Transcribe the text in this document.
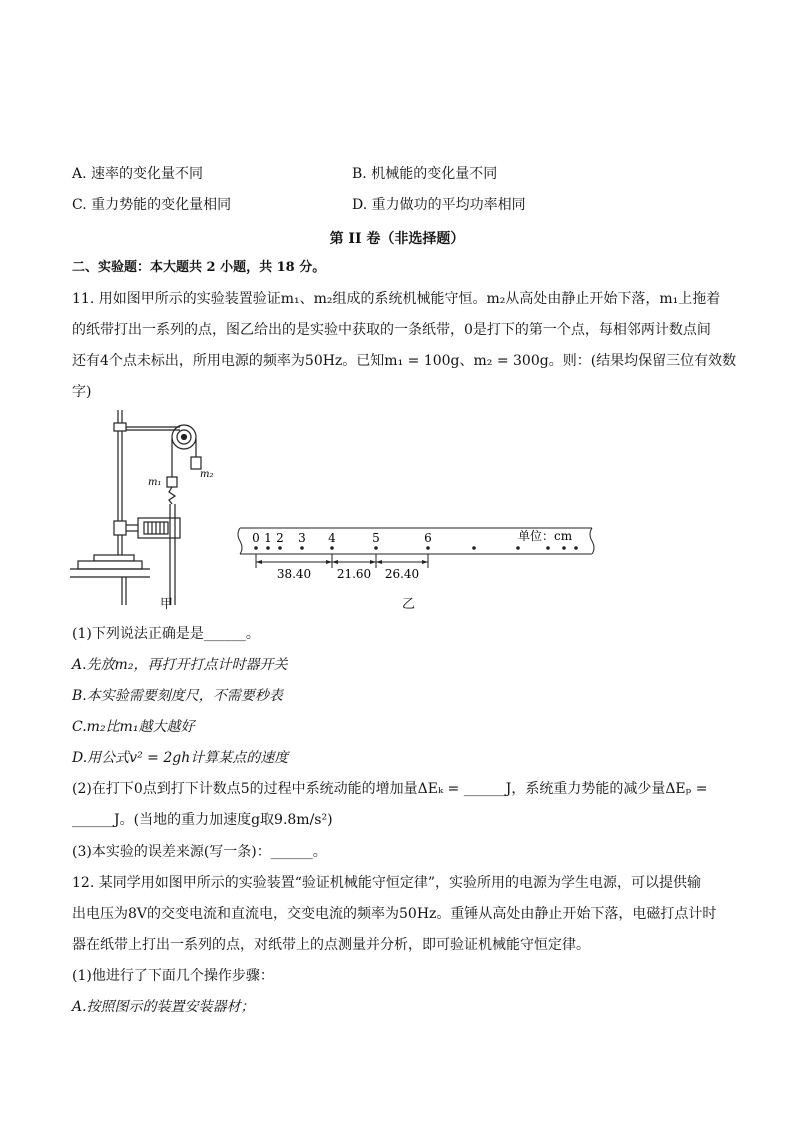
A. 速率的变化量不同	B. 机械能的变化量不同
C. 重力势能的变化量相同	D. 重力做功的平均功率相同
第 II 卷（非选择题）
二、实验题：本大题共 2 小题，共 18 分。
11. 用如图甲所示的实验装置验证m₁、m₂组成的系统机械能守恒。m₂从高处由静止开始下落，m₁上拖着
的纸带打出一系列的点，图乙给出的是实验中获取的一条纸带，0是打下的第一个点，每相邻两计数点间
还有4个点未标出，所用电源的频率为50Hz。已知m₁ = 100g、m₂ = 300g。则：(结果均保留三位有效数
字)
m₁
m₂
甲
0 1 2 3 4	5	6	单位：cm
38.40 21.60 26.40
乙
(1)下列说法正确是是______。
A.先放m₂，再打开打点计时器开关
B.本实验需要刻度尺，不需要秒表
C.m₂比m₁越大越好
D.用公式v² = 2gh计算某点的速度
(2)在打下0点到打下计数点5的过程中系统动能的增加量ΔEₖ = ______J，系统重力势能的减少量ΔEₚ =
______J。(当地的重力加速度g取9.8m/s²)
(3)本实验的误差来源(写一条)：______。
12. 某同学用如图甲所示的实验装置“验证机械能守恒定律”，实验所用的电源为学生电源，可以提供输
出电压为8V的交变电流和直流电，交变电流的频率为50Hz。重锤从高处由静止开始下落，电磁打点计时
器在纸带上打出一系列的点，对纸带上的点测量并分析，即可验证机械能守恒定律。
(1)他进行了下面几个操作步骤：
A.按照图示的装置安装器材；
